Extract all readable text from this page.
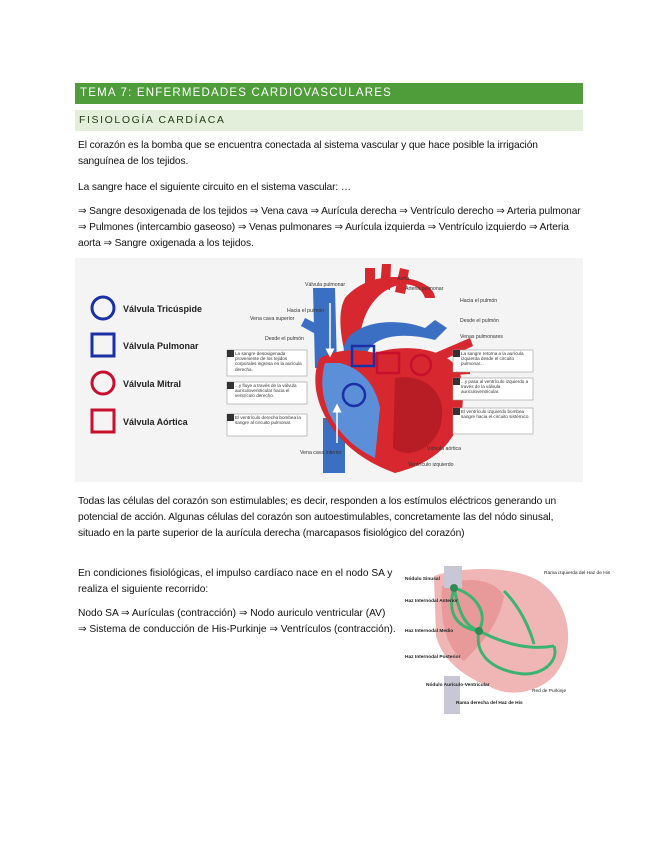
TEMA 7: ENFERMEDADES CARDIOVASCULARES
FISIOLOGÍA CARDÍACA

El corazón es la bomba que se encuentra conectada al sistema vascular y que hace posible la irrigación sanguínea de los tejidos.

La sangre hace el siguiente circuito en el sistema vascular: …

⇒ Sangre desoxigenada de los tejidos ⇒ Vena cava ⇒ Aurícula derecha ⇒ Ventrículo derecho ⇒ Arteria pulmonar ⇒ Pulmones (intercambio gaseoso) ⇒ Venas pulmonares ⇒ Aurícula izquierda ⇒ Ventrículo izquierdo ⇒ Arteria aorta ⇒ Sangre oxigenada a los tejidos.

Válvula Tricúspide
Válvula Pulmonar
Válvula Mitral
Válvula Aórtica
Aorta
Arteria pulmonar
Válvula pulmonar
Hacia el pulmón
Vena cava superior
Hacia el pulmón
Desde el pulmón
Desde el pulmón
Venas pulmonares
Válvula aórtica
Vena cava inferior
Ventrículo izquierdo
La sangre desoxigenada proveniente de los tejidos corporales ingresa en la aurícula derecha.
...y fluye a través de la válvula auriculoventricular hacia el ventrículo derecho.
El ventrículo derecho bombea la sangre al circuito pulmonar.
La sangre retorna a la aurícula izquierda desde el circuito pulmonar...
...y pasa al ventrículo izquierdo a través de la válvula auriculoventricular.
El ventrículo izquierdo bombea sangre hacia el circuito sistémico.

Todas las células del corazón son estimulables; es decir, responden a los estímulos eléctricos generando un potencial de acción. Algunas células del corazón son autoestimulables, concretamente las del nódo sinusal, situado en la parte superior de la aurícula derecha (marcapasos fisiológico del corazón)

En condiciones fisiológicas, el impulso cardíaco nace en el nodo SA y realiza el siguiente recorrido:

Nodo SA ⇒ Aurículas (contracción) ⇒ Nodo auriculo ventricular (AV) ⇒ Sistema de conducción de His-Purkinje ⇒ Ventrículos (contracción).

Nódulo Sinusal
Haz Internodal Anterior
Haz Internodal Medio
Haz Internodal Posterior
Nódulo Aurículo-Ventricular
Rama derecha del Haz de His
Rama izquierda del Haz de His
Red de Purkinje
